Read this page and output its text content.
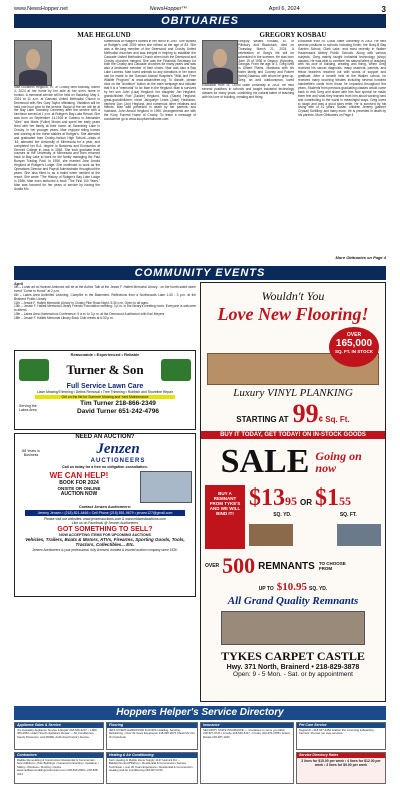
www.NewsHopper.net	NewsHopper™	April 6, 2024	3
OBITUARIES
MAE HEGLUND
Mae Elizabeth Heglund, 97, of Crosby died Monday, March 4, 2024 at her home by her side at her son's home in Ironton. A memorial service will be held on Saturday, May 4, 2024 at 11 a.m. at Ganoski United Methodist Church in Deerwood with Rev Gary Taylor officiating. Visitation will be held one hour prior to the service. Burial of the urn will be at the Bay Lake Township Cemetery after the service with a luncheon served at 1 p.m. at Ruttger's Bay Lake Resort. She was born on September 14,1926 in Cabeno to Alexander "Alec" and Marie (Fuller) Moran and spent her early years lived with her family at their home on Swanburg Lake in Crosby. In her younger years, Mae enjoyed riding horses and working at the horse stables at Ruttger's. She attended and graduated from Crosby-Ironton High School—class of '44; attended the University of Minnesota for a year, and completed her B.A. degree in Business and Economics at Grinnell College in Iowa in 1948. She took graduate level courses at the University of Minnesota and then returned back to Bay Lake to work for the family managing the Paul Bunyan Trading Post. In 1956, she married John Arnold Heglund at Ruttger's Lodge. She continued to work as the Operations Director and Payroll Administrator throughout the years. She also filled in as a ballet when needed at the resort. She wrote "The History of Ruttger's Bay Lake Lodge in 1986. Mae even authored a book "The First 100 Years." Mae was honored for her years of service by having the Auntie M's
Kaffeehaus at Ruttger's named in her honor in 1987. She worked at Ruttger's until 2009 when she retired at the age of 83. She was a life-long member of the Deerwood and Crosby United Methodist churches and was integral in helping to establish the Cascade United Methodist Church when both the Deerwood and Crosby churches merged. She was the Financial Secretary for both the Crosby and Cascade churches for many years and was also a dedicated member of their choirs. Mae was also a Bay Lake Lioness. Mae loved animals so any donations in her honor can be made to the Ganoski Animal Hospital's "Wild and Free Wildlife Program" at www.wildandfree.org. To donate, please click on the "donation" button on the main webpage and indicate that it is a "memorial" to for Mae in the Heglund. Mae is survived by her son John (Lisa) Heglund; her daughter Jan Heglund; grandchildren Rob (Jackie) Heglund, Nick (Sarah) Heglund; great-grandchildren; niece Jacquelyn Lewis (Jake) Hedstrom; nephew Don (Joy) Heglund, and numerous other relatives and friends. Mae was preceded in death by her parents; and husband, John Arnold Heglund in 1990. Arrangements are with the Koop Funeral Home of Crosby. To leave a message of condolence go to www.koopfuneralhome.com.
GREGORY KOSBAU
Gregory Willard Kosbau, 87, of Pillsbury and Blackduck, died on Thursday, March 21, 2024. A celebration of Greg's life will be scheduled in the summer. He was born June 15 of 1936 in Dayton, Wyoming, Georgia. From the age of 3, Greg lived in Gilbert Plains, Manitoba with his foster family and Cooney and Robert (twins) Nadeau, with whom he grew up. Greg, an avid outdoorsman, loved
Education from St. Cloud State University in 2003. He held several positions in schools and taught industrial technology classes for many years, combining his natural talent of teaching with his love of building, creating and fixing.
Education from St. Cloud State University in 2003. He held several positions in schools including Keller, the Busy-B Bay Garden School, Clark Lake, and most recently in Walker Hackensack Akeley Public Schools. Along with various subjects, Greg mainly taught industrial technology (shop) classes. He was able to combine his natural talent of teaching with his love of building, creating and fixing. When Greg received his cancer diagnosis, many students, parents, and fellow teachers reached out with words of support and gratitude. After a benefit held at the Walker school, he received many touching tributes including several hundred handwritten cards from those he impacted throughout the years. Students from previous graduating classes would come back to visit Greg and share with him how special he made them feel and what they learned from him about working hard and contributing to the world in meaningful ways. Greg loved to laugh and was a good story teller. He is survived by his loving wife of 41 years, Susan; children Jeremy (partner Crystal) Schilling; and many more. He is preceded in death by his parents. More Obituaries on Page 4
More Obituaries on Page 4
COMMUNITY EVENTS
April
4th – Lunar art at Hannah Ambrose will be at the Author Talk at the Jessie F. Hallett Memorial Library - on the fourth-sided stone event "Come to Honor" at 2 p.m.
6th – Lakes Area Unlimited Learning: Campfire in the Basement. Reflections from a Northwoods Lake 1:30 - 3 p.m. at the Brainerd Public Library.
11th – Jessie F. Hallett Memorial Library in Crosby Pike Road Night. 5:30 p.m. Open to all ages.
13th – Jessie F. Hallett Memorial Library Friends Foundation meeting: 3 p.m. in the library's meeting room. Everyone is welcome to attend.
13th – Lakes Area Homeschool Conference. 9 a.m. to 3 p.m. at the Deerwood Auditorium with Kari Meyers.
18th – Jessie F. Hallett Memorial Library Book Club meets at 6:30 p.m.
Reasonable • Experienced • Reliable
Turner & Son
Full Service Lawn Care
Lawn Mowing/Trimming • Debris Removal • Tree Trimming • Rubbish and Shoreline Repair
Get on the list for Summer Mowing and Yard Maintenance
Serving the Lakes Area
Tim Turner 218-866-2349
David Turner 651-242-4796
NEED AN AUCTION?
88 Years in Business	Jenzen
AUCTIONEERS
Call us today for a free no obligation consultation.
WE CAN HELP!
BOOK FOR 2024
ONSITE OR ONLINE
AUCTION NOW
Contact Jenzen Auctioneers:
Jeremy Jenzen • (218) 821-4466 • Cell Phone (218) 851-9679 • jenzen127@gmail.com
Please visit our websites: www.jenzenauctions.com & www.midwestauctions.com
Like us on Facebook @ Jenzen Auctioneers
GOT SOMETHING TO SELL?
NOW ACCEPTING ITEMS FOR UPCOMING AUCTIONS
Vehicles, Trailers, Boats & Motors, ATVs, Firearms, Sporting Goods, Tools, Tractors, Collectibles... Etc.
Jenzen Auctioneers is your professional, fully licensed, bonded & insured auction company since 1936.
Wouldn't You
Love New Flooring!
OVER
165,000
SQ. FT. IN STOCK
Luxury VINYL PLANKING
STARTING AT 99 ¢ Sq. Ft.
BUY IT TODAY, GET TODAY! ON IN-STOCK GOODS
SALE Going on now
BUY A REMNANT FROM TYKE'S AND WE WILL BIND IT!
$13 95 OR $1 55
SQ. YD.	SQ. FT.
OVER 500 REMNANTS TO CHOOSE FROM
UP TO $10.95 SQ. YD.
All Grand Quality Remnants
TYKES CARPET CASTLE
Hwy. 371 North, Brainerd • 218-829-3878
Open: 9 - 5 Mon. - Sat. or by appointment
Hoppers Helper's Service Directory
Appliance Sales & Service
Jim Kowalsky Appliance Service & Repair 218-546-3207 • 1-800-459-2963 • Adam Scott's Appliance Repair — Air Conditioners, Sports Protectors, and MORE. Authorized Factory Service.
Flooring
JEFF MYERS HARDWOOD FLOORS Installing, Sanding, Refinishing • Over 20 Years Experience 218-296-2076 Check Me Out On Facebook
Insurance
SECURITY STATE INSURANCE — 4 locations to serve you Aitkin 218-927-3744 • Crosby 218-546-5117 • Crosby 320-676-3788 • Grand Marais 218-387-1040
Pet Care Service
Dogputch • 218-927-4352 Grafton Pet Grooming & Boarding Kennels. Premier pet care services.
Contractors
Radtke Remodeling & Construction Residential & Commercial • New Additions • Pole Buildings • General Contracting • Insulation • Siding • Windows • Roofing • Decks www.radtkeremodelingconstruction.com 218-546-2600 • 218-838-4113
Heating & Air Conditioning
Kern Heating & Mobile Home Supply 4147 Helmick Rd. – Baldwin/Ironton/Pillsbury • Residential & Commercial • Service Technician • over 30 Years Experience • Residential & Commercial • Heating and Air Conditioning 218-927-6720
Service Directory Rates
3 lines for $15.00 per week • 4 lines for $12.00 per week • 3 lines for $9.00 per week
